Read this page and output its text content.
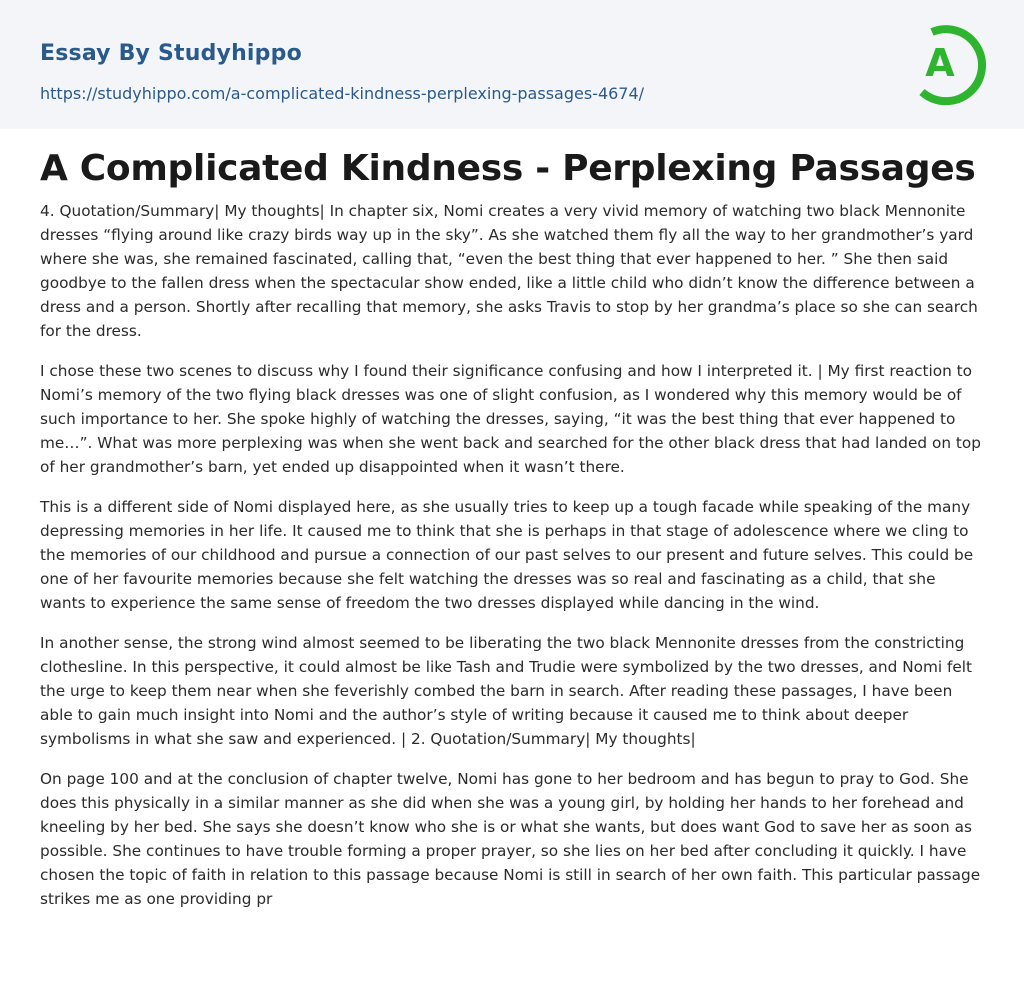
Essay By Studyhippo
https://studyhippo.com/a-complicated-kindness-perplexing-passages-4674/
A
A Complicated Kindness - Perplexing Passages

4. Quotation/Summary| My thoughts| In chapter six, Nomi creates a very vivid memory of watching two black Mennonite dresses “flying around like crazy birds way up in the sky”. As she watched them fly all the way to her grandmother’s yard where she was, she remained fascinated, calling that, “even the best thing that ever happened to her. ” She then said goodbye to the fallen dress when the spectacular show ended, like a little child who didn’t know the difference between a dress and a person. Shortly after recalling that memory, she asks Travis to stop by her grandma’s place so she can search for the dress.

I chose these two scenes to discuss why I found their significance confusing and how I interpreted it. | My first reaction to Nomi’s memory of the two flying black dresses was one of slight confusion, as I wondered why this memory would be of such importance to her. She spoke highly of watching the dresses, saying, “it was the best thing that ever happened to me…”. What was more perplexing was when she went back and searched for the other black dress that had landed on top of her grandmother’s barn, yet ended up disappointed when it wasn’t there.

This is a different side of Nomi displayed here, as she usually tries to keep up a tough facade while speaking of the many depressing memories in her life. It caused me to think that she is perhaps in that stage of adolescence where we cling to the memories of our childhood and pursue a connection of our past selves to our present and future selves. This could be one of her favourite memories because she felt watching the dresses was so real and fascinating as a child, that she wants to experience the same sense of freedom the two dresses displayed while dancing in the wind.

In another sense, the strong wind almost seemed to be liberating the two black Mennonite dresses from the constricting clothesline. In this perspective, it could almost be like Tash and Trudie were symbolized by the two dresses, and Nomi felt the urge to keep them near when she feverishly combed the barn in search. After reading these passages, I have been able to gain much insight into Nomi and the author’s style of writing because it caused me to think about deeper symbolisms in what she saw and experienced. | 2. Quotation/Summary| My thoughts|

On page 100 and at the conclusion of chapter twelve, Nomi has gone to her bedroom and has begun to pray to God. She does this physically in a similar manner as she did when she was a young girl, by holding her hands to her forehead and kneeling by her bed. She says she doesn’t know who she is or what she wants, but does want God to save her as soon as possible. She continues to have trouble forming a proper prayer, so she lies on her bed after concluding it quickly. I have chosen the topic of faith in relation to this passage because Nomi is still in search of her own faith. This particular passage strikes me as one providing pr
